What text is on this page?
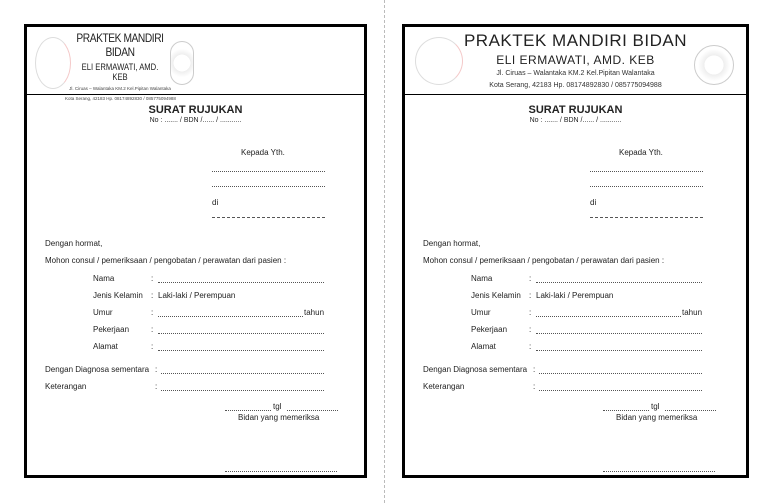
PRAKTEK MANDIRI BIDAN
ELI ERMAWATI, AMD. KEB
Jl. Ciruas – Walantaka KM.2 Kel.Pipitan Walantaka
Kota Serang, 42183 Hp. 08174892830 / 085775094988
SURAT RUJUKAN
No : ....... / BDN /...... / ...........
Kepada Yth.
di
Dengan hormat,
Mohon consul / pemeriksaan / pengobatan / perawatan dari pasien :
Nama	:
Jenis Kelamin : Laki-laki / Perempuan
Umur	:	tahun
Pekerjaan	:
Alamat	:
Dengan Diagnosa sementara :
Keterangan	:
tgl
Bidan yang memeriksa
PRAKTEK MANDIRI BIDAN
ELI ERMAWATI, AMD. KEB
Jl. Ciruas – Walantaka KM.2 Kel.Pipitan Walantaka
Kota Serang, 42183 Hp. 08174892830 / 085775094988
SURAT RUJUKAN
No : ....... / BDN /...... / ...........
Kepada Yth.
di
Dengan hormat,
Mohon consul / pemeriksaan / pengobatan / perawatan dari pasien :
Nama	:
Jenis Kelamin : Laki-laki / Perempuan
Umur	:	tahun
Pekerjaan	:
Alamat	:
Dengan Diagnosa sementara :
Keterangan	:
tgl
Bidan yang memeriksa
